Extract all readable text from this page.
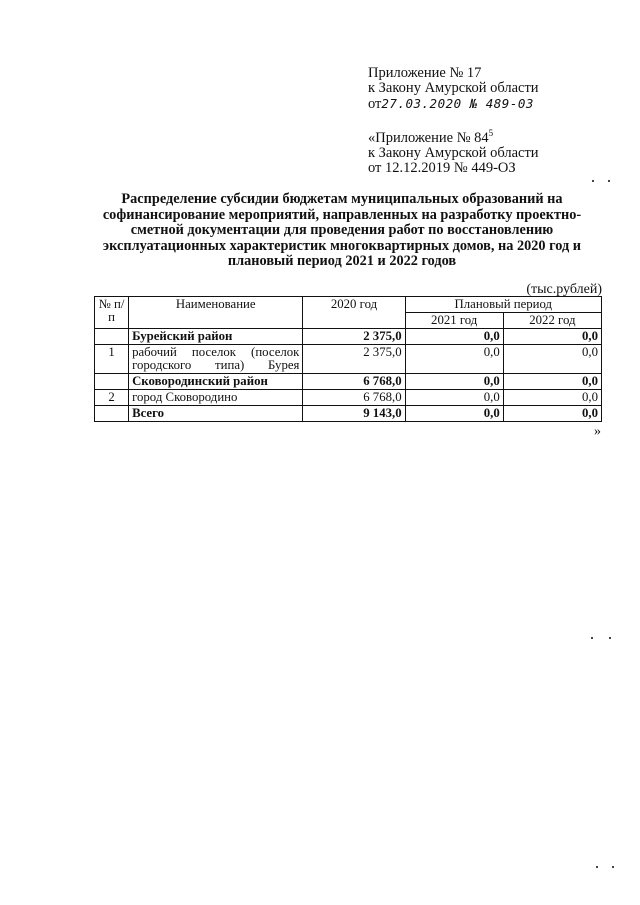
Приложение № 17
к Закону Амурской области
от27.03.2020 № 489-03
«Приложение № $84^5$
к Закону Амурской области
от 12.12.2019 № 449-ОЗ
Распределение субсидии бюджетам муниципальных образований на софинансирование мероприятий, направленных на разработку проектно-сметной документации для проведения работ по восстановлению эксплуатационных характеристик многоквартирных домов, на 2020 год и плановый период 2021 и 2022 годов
(тыс.рублей)
№ п/п	Наименование	2020 год	Плановый период	
			2021 год	2022 год
	Бурейский район	2 375,0	0,0	0,0
1	рабочий поселок (поселок городского типа) Бурея	2 375,0	0,0	0,0
	Сковородинский район	6 768,0	0,0	0,0
2	город Сковородино	6 768,0	0,0	0,0
	Всего	9 143,0	0,0	0,0
»
